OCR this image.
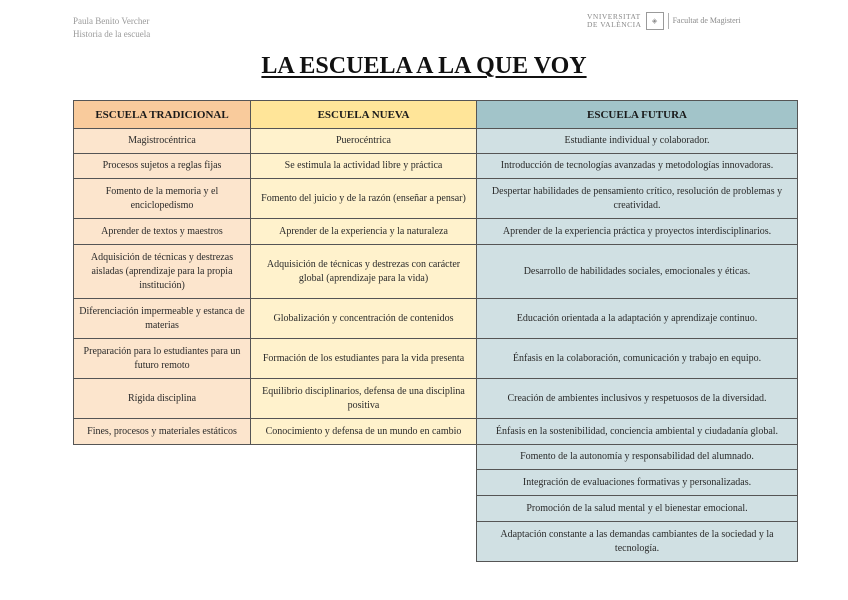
Paula Benito Vercher
Historia de la escuela
VNIVERSITAT
DE VALÈNCIA	◈	Facultat de Magisteri
LA ESCUELA A LA QUE VOY
ESCUELA TRADICIONAL	ESCUELA NUEVA	ESCUELA FUTURA
Magistrocéntrica	Puerocéntrica	Estudiante individual y colaborador.
Procesos sujetos a reglas fijas	Se estimula la actividad libre y práctica	Introducción de tecnologías avanzadas y metodologías innovadoras.
Fomento de la memoria y el enciclopedismo	Fomento del juicio y de la razón (enseñar a pensar)	Despertar habilidades de pensamiento crítico, resolución de problemas y creatividad.
Aprender de textos y maestros	Aprender de la experiencia y la naturaleza	Aprender de la experiencia práctica y proyectos interdisciplinarios.
Adquisición de técnicas y destrezas aisladas (aprendizaje para la propia institución)	Adquisición de técnicas y destrezas con carácter global (aprendizaje para la vida)	Desarrollo de habilidades sociales, emocionales y éticas.
Diferenciación impermeable y estanca de materias	Globalización y concentración de contenidos	Educación orientada a la adaptación y aprendizaje continuo.
Preparación para lo estudiantes para un futuro remoto	Formación de los estudiantes para la vida presenta	Énfasis en la colaboración, comunicación y trabajo en equipo.
Rígida disciplina	Equilibrio disciplinarios, defensa de una disciplina positiva	Creación de ambientes inclusivos y respetuosos de la diversidad.
Fines, procesos y materiales estáticos	Conocimiento y defensa de un mundo en cambio	Énfasis en la sostenibilidad, conciencia ambiental y ciudadanía global.
		Fomento de la autonomía y responsabilidad del alumnado.
		Integración de evaluaciones formativas y personalizadas.
		Promoción de la salud mental y el bienestar emocional.
		Adaptación constante a las demandas cambiantes de la sociedad y la tecnología.
